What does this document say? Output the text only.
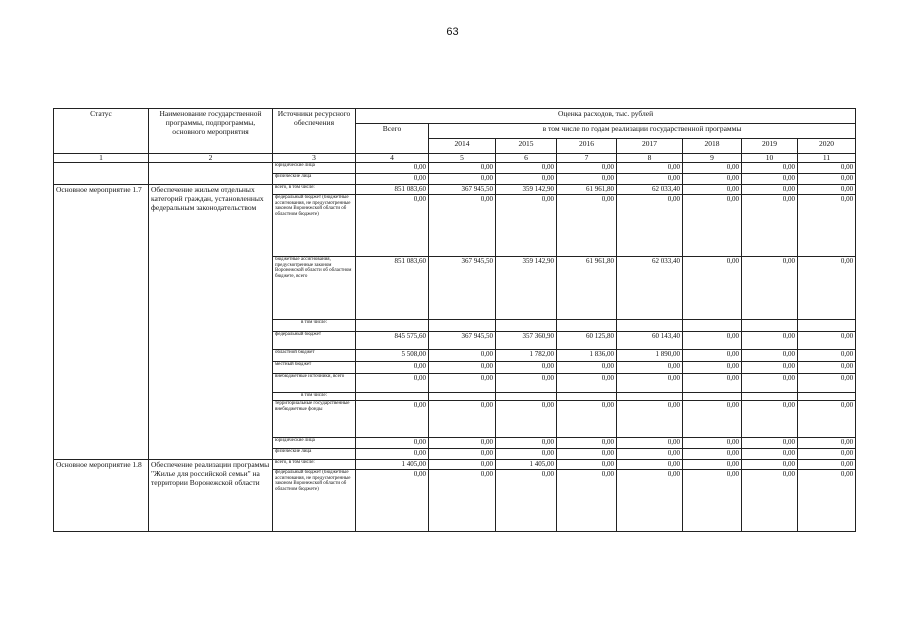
63
Статус	Наименование государственной программы, подпрограммы, основного мероприятия	Источники ресурсного обеспечения	Оценка расходов, тыс. рублей							
			Всего	в том числе по годам реализации государственной программы						
				2014	2015	2016	2017	2018	2019	2020
1	2	3	4	5	6	7	8	9	10	11
		юридические лица	0,00	0,00	0,00	0,00	0,00	0,00	0,00	0,00
		физические лица	0,00	0,00	0,00	0,00	0,00	0,00	0,00	0,00
Основное мероприятие 1.7	Обеспечение жильем отдельных категорий граждан, установленных федеральным законодательством	всего, в том числе:	851 083,60	367 945,50	359 142,90	61 961,80	62 033,40	0,00	0,00	0,00
		федеральный бюджет (бюджетные ассигнования, не предусмотренные законом Воронежской области об областном бюджете)	0,00	0,00	0,00	0,00	0,00	0,00	0,00	0,00
		бюджетные ассигнования, предусмотренные законом Воронежской области об областном бюджете, всего	851 083,60	367 945,50	359 142,90	61 961,80	62 033,40	0,00	0,00	0,00
		в том числе:								
		федеральный бюджет	845 575,60	367 945,50	357 360,90	60 125,80	60 143,40	0,00	0,00	0,00
		областной бюджет	5 508,00	0,00	1 782,00	1 836,00	1 890,00	0,00	0,00	0,00
		местный бюджет	0,00	0,00	0,00	0,00	0,00	0,00	0,00	0,00
		внебюджетные источники, всего	0,00	0,00	0,00	0,00	0,00	0,00	0,00	0,00
		в том числе:								
		территориальные государственные внебюджетные фонды	0,00	0,00	0,00	0,00	0,00	0,00	0,00	0,00
		юридические лица	0,00	0,00	0,00	0,00	0,00	0,00	0,00	0,00
		физические лица	0,00	0,00	0,00	0,00	0,00	0,00	0,00	0,00
Основное мероприятие 1.8	Обеспечение реализации программы "Жилье для российской семьи" на территории Воронежской области	всего, в том числе:	1 405,00	0,00	1 405,00	0,00	0,00	0,00	0,00	0,00
		федеральный бюджет (бюджетные ассигнования, не предусмотренные законом Воронежской области об областном бюджете)	0,00	0,00	0,00	0,00	0,00	0,00	0,00	0,00
